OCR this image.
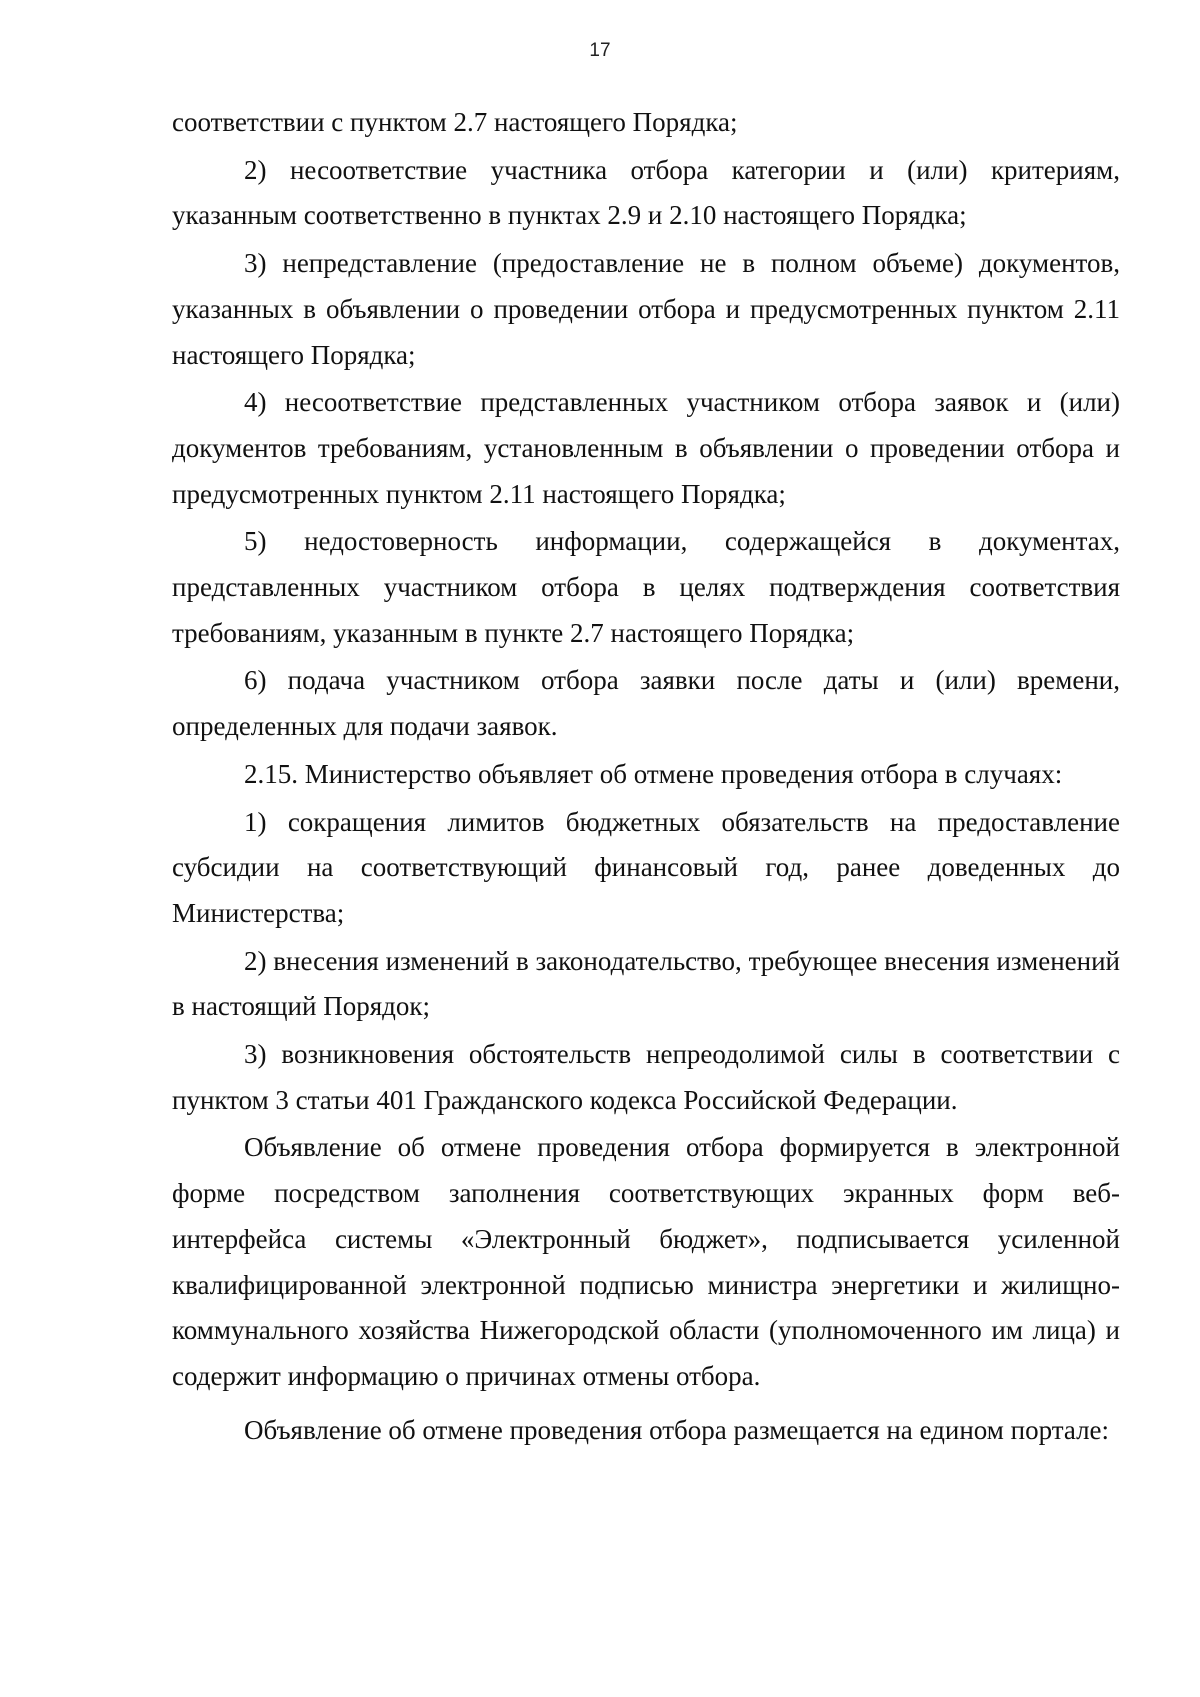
17

соответствии с пунктом 2.7 настоящего Порядка;

2) несоответствие участника отбора категории и (или) критериям, указанным соответственно в пунктах 2.9 и 2.10 настоящего Порядка;

3) непредставление (предоставление не в полном объеме) документов, указанных в объявлении о проведении отбора и предусмотренных пунктом 2.11 настоящего Порядка;

4) несоответствие представленных участником отбора заявок и (или) документов требованиям, установленным в объявлении о проведении отбора и предусмотренных пунктом 2.11 настоящего Порядка;

5) недостоверность информации, содержащейся в документах, представленных участником отбора в целях подтверждения соответствия требованиям, указанным в пункте 2.7 настоящего Порядка;

6) подача участником отбора заявки после даты и (или) времени, определенных для подачи заявок.

2.15. Министерство объявляет об отмене проведения отбора в случаях:

1) сокращения лимитов бюджетных обязательств на предоставление субсидии на соответствующий финансовый год, ранее доведенных до Министерства;

2) внесения изменений в законодательство, требующее внесения изменений в настоящий Порядок;

3) возникновения обстоятельств непреодолимой силы в соответствии с пунктом 3 статьи 401 Гражданского кодекса Российской Федерации.

Объявление об отмене проведения отбора формируется в электронной форме посредством заполнения соответствующих экранных форм веб-интерфейса системы «Электронный бюджет», подписывается усиленной квалифицированной электронной подписью министра энергетики и жилищно-коммунального хозяйства Нижегородской области (уполномоченного им лица) и содержит информацию о причинах отмены отбора.

Объявление об отмене проведения отбора размещается на едином портале:
